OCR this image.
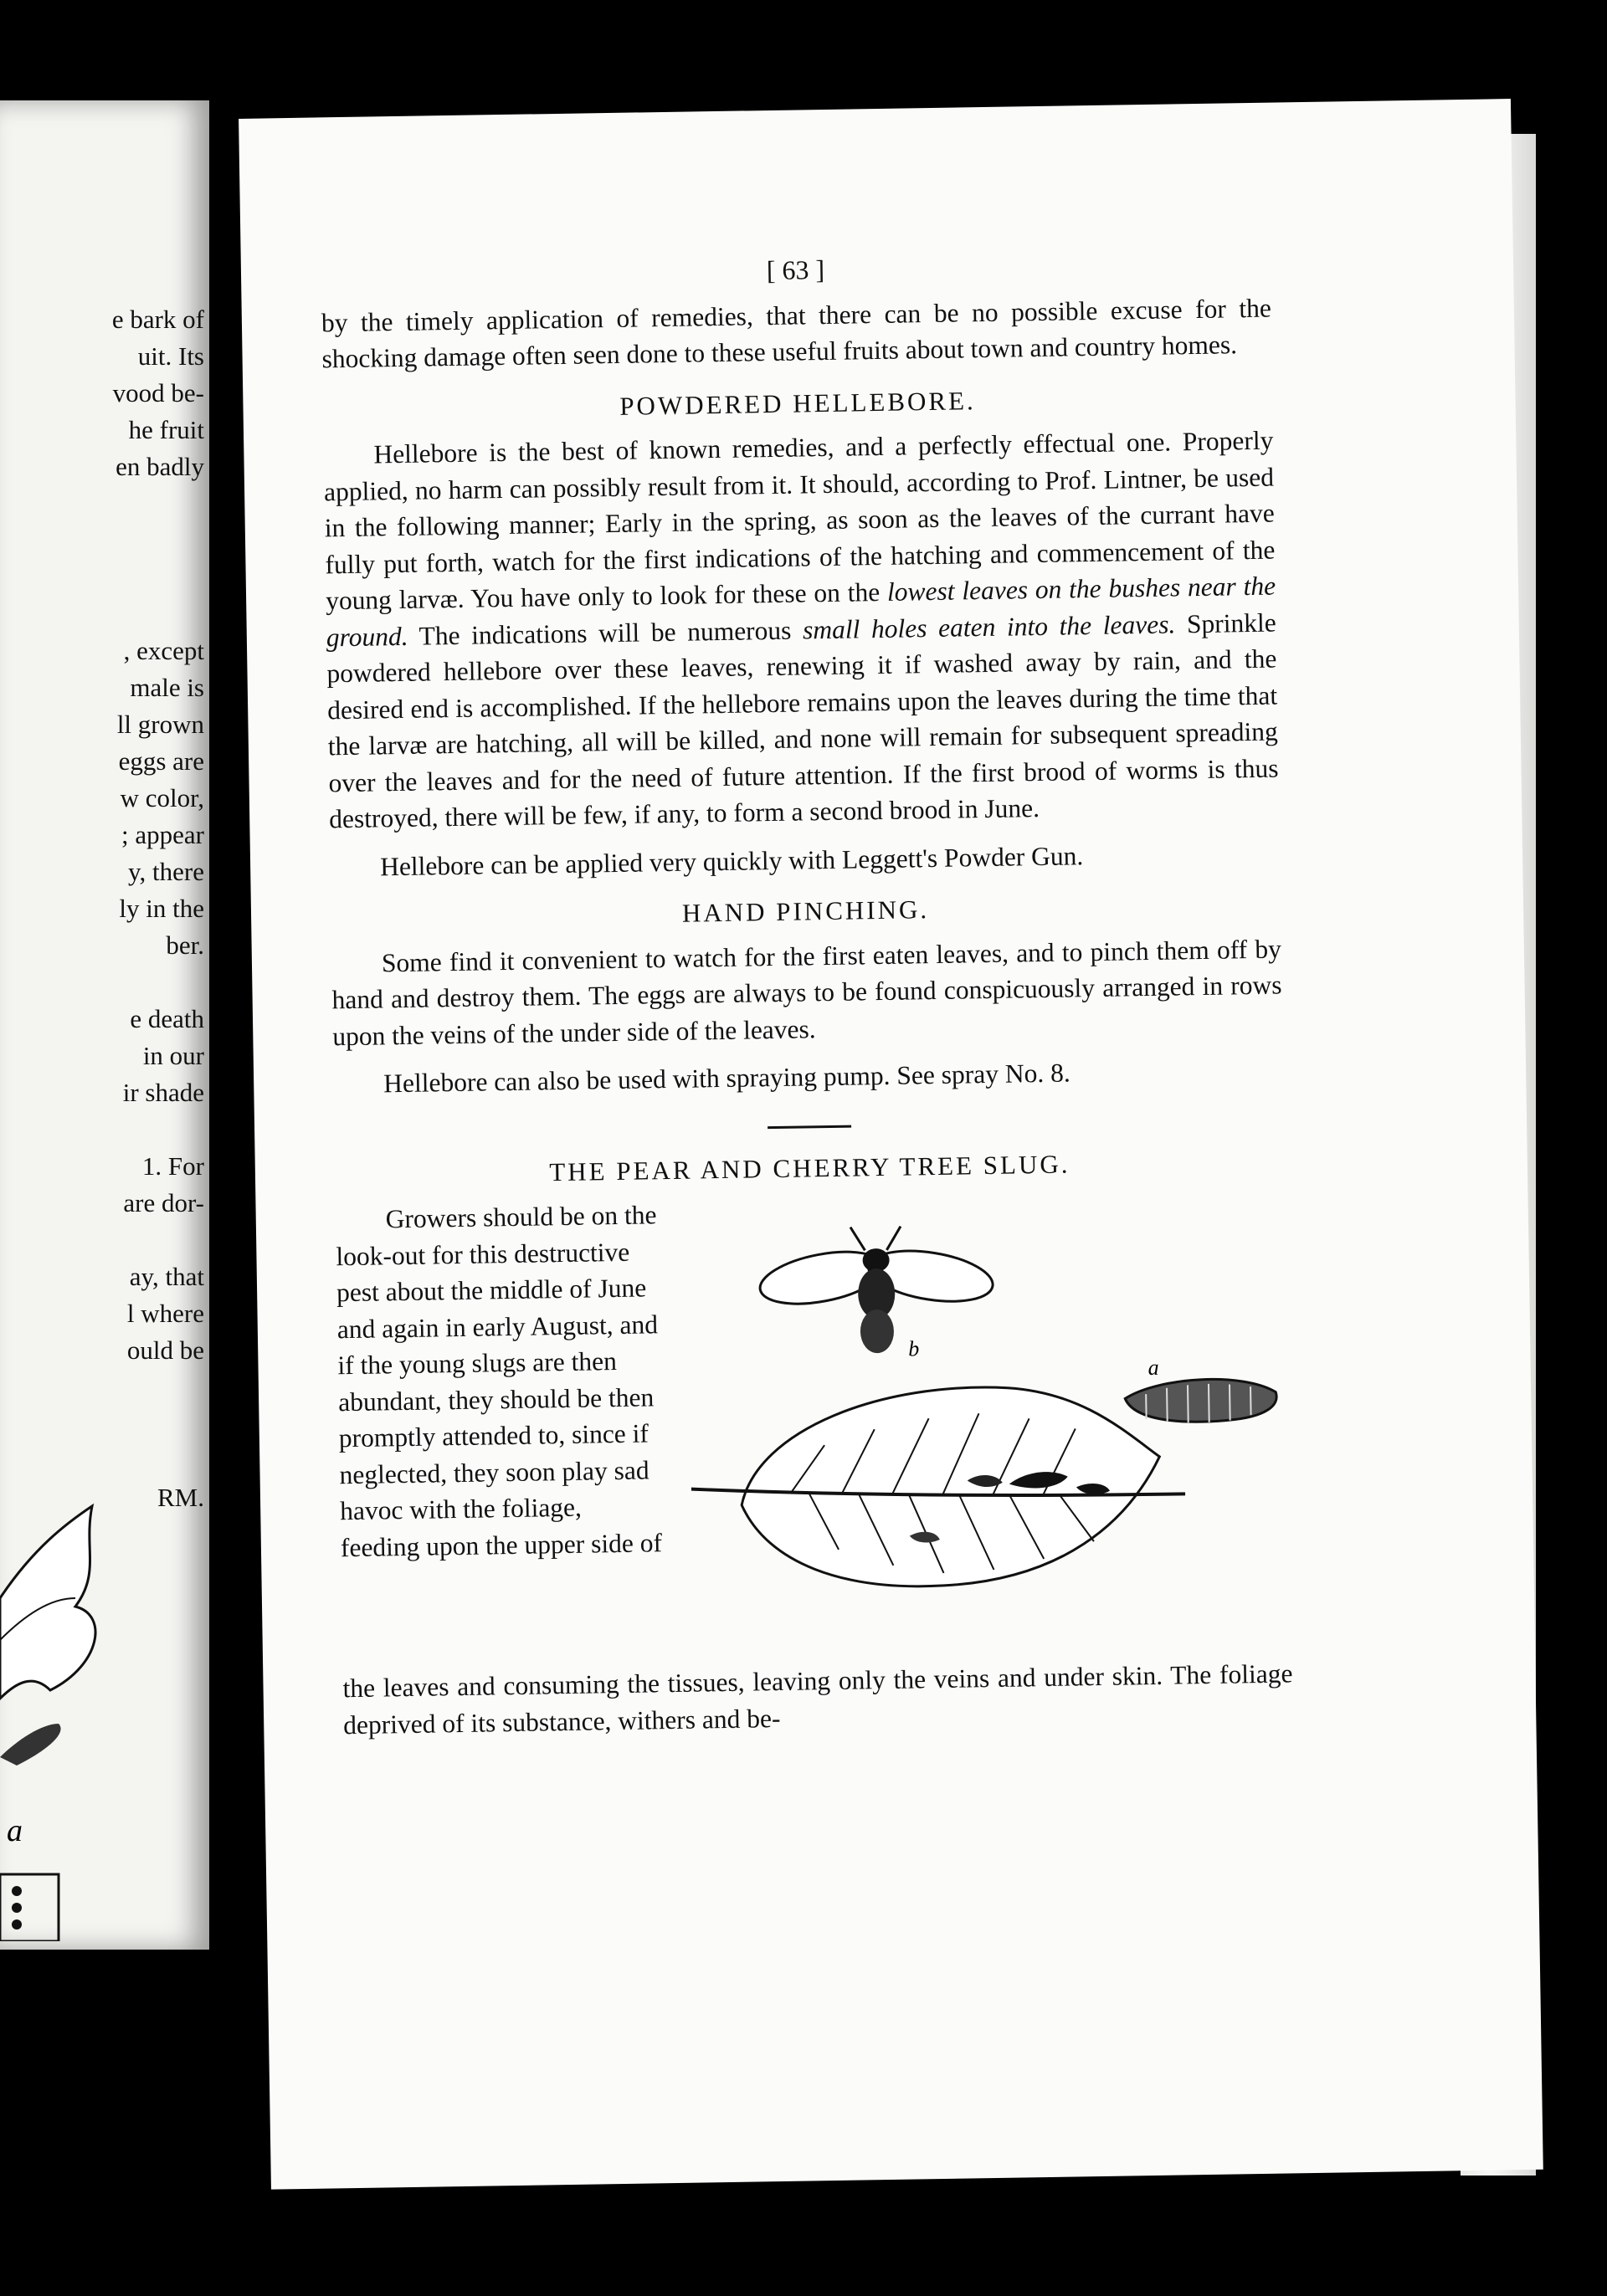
e bark of
uit. Its
vood be-
he fruit
en badly
, except
male is
ll grown
eggs are
w color,
; appear
y, there
ly in the
ber.
e death
in our
ir shade
1. For
are dor-
ay, that
l where
ould be
RM.
a
[ 63 ]

by the timely application of remedies, that there can be no possible excuse for the shocking damage often seen done to these useful fruits about town and country homes.

POWDERED HELLEBORE.

Hellebore is the best of known remedies, and a perfectly effectual one. Properly applied, no harm can possibly result from it. It should, according to Prof. Lintner, be used in the following manner; Early in the spring, as soon as the leaves of the currant have fully put forth, watch for the first indications of the hatching and commencement of the young larvæ. You have only to look for these on the lowest leaves on the bushes near the ground. The indications will be numerous small holes eaten into the leaves. Sprinkle powdered hellebore over these leaves, renewing it if washed away by rain, and the desired end is accomplished. If the hellebore remains upon the leaves during the time that the larvæ are hatching, all will be killed, and none will remain for subsequent spreading over the leaves and for the need of future attention. If the first brood of worms is thus destroyed, there will be few, if any, to form a second brood in June.

Hellebore can be applied very quickly with Leggett's Powder Gun.

HAND PINCHING.

Some find it convenient to watch for the first eaten leaves, and to pinch them off by hand and destroy them. The eggs are always to be found conspicuously arranged in rows upon the veins of the under side of the leaves.

Hellebore can also be used with spraying pump. See spray No. 8.

THE PEAR AND CHERRY TREE SLUG.

Growers should be on the look-out for this destructive pest about the middle of June and again in early August, and if the young slugs are then abundant, they should be then promptly attended to, since if neglected, they soon play sad havoc with the foliage, feeding upon the upper side of

b
a

the leaves and consuming the tissues, leaving only the veins and under skin. The foliage deprived of its substance, withers and be-
